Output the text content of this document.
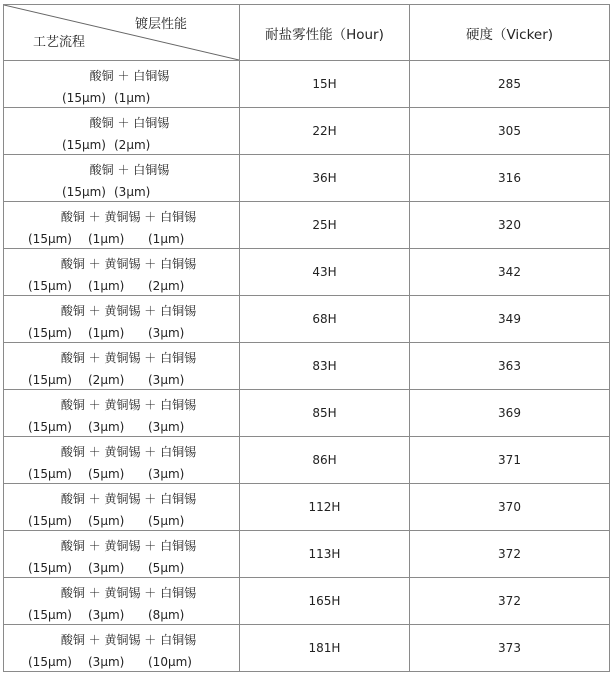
镀层性能
工艺流程	耐盐雾性能（Hour)	硬度（Vicker)

酸铜 ＋ 白铜锡
(15μm) (1μm)	15H	285

酸铜 ＋ 白铜锡
(15μm) (2μm)	22H	305

酸铜 ＋ 白铜锡
(15μm) (3μm)	36H	316

酸铜 ＋ 黄铜锡 ＋ 白铜锡
(15μm) (1μm) (1μm)	25H	320

酸铜 ＋ 黄铜锡 ＋ 白铜锡
(15μm) (1μm) (2μm)	43H	342

酸铜 ＋ 黄铜锡 ＋ 白铜锡
(15μm) (1μm) (3μm)	68H	349

酸铜 ＋ 黄铜锡 ＋ 白铜锡
(15μm) (2μm) (3μm)	83H	363

酸铜 ＋ 黄铜锡 ＋ 白铜锡
(15μm) (3μm) (3μm)	85H	369

酸铜 ＋ 黄铜锡 ＋ 白铜锡
(15μm) (5μm) (3μm)	86H	371

酸铜 ＋ 黄铜锡 ＋ 白铜锡
(15μm) (5μm) (5μm)	112H	370

酸铜 ＋ 黄铜锡 ＋ 白铜锡
(15μm) (3μm) (5μm)	113H	372

酸铜 ＋ 黄铜锡 ＋ 白铜锡
(15μm) (3μm) (8μm)	165H	372

酸铜 ＋ 黄铜锡 ＋ 白铜锡
(15μm) (3μm) (10μm)	181H	373
